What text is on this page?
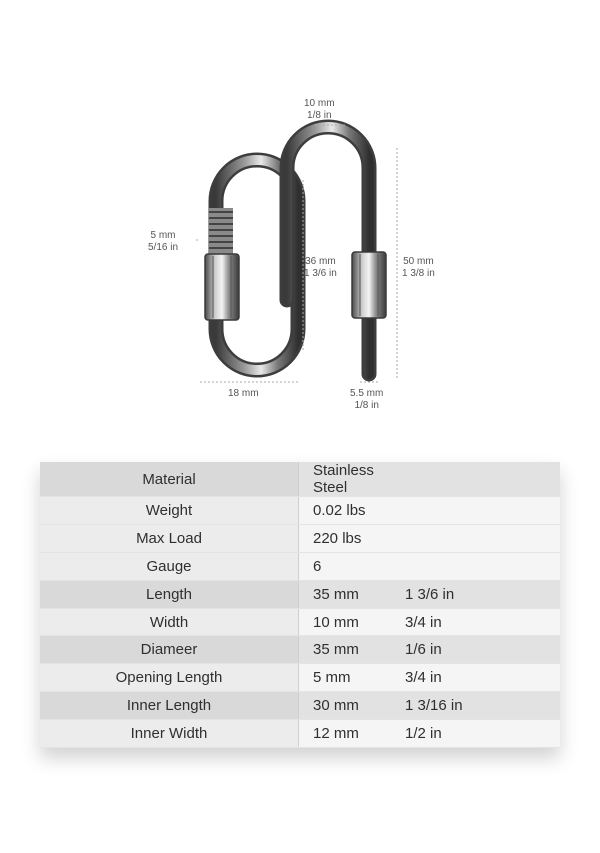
10 mm
1/8 in
5 mm
5/16 in
36 mm
1 3/6 in
50 mm
1 3/8 in
18 mm	5.5 mm
1/8 in
Material	Stainless Steel
Weight	0.02 lbs
Max Load	220 lbs
Gauge	6
Length	35 mm 1 3/6 in
Width	10 mm 3/4 in
Diameer	35 mm 1/6 in
Opening Length	5 mm 3/4 in
Inner Length	30 mm 1 3/16 in
Inner Width	12 mm 1/2 in
